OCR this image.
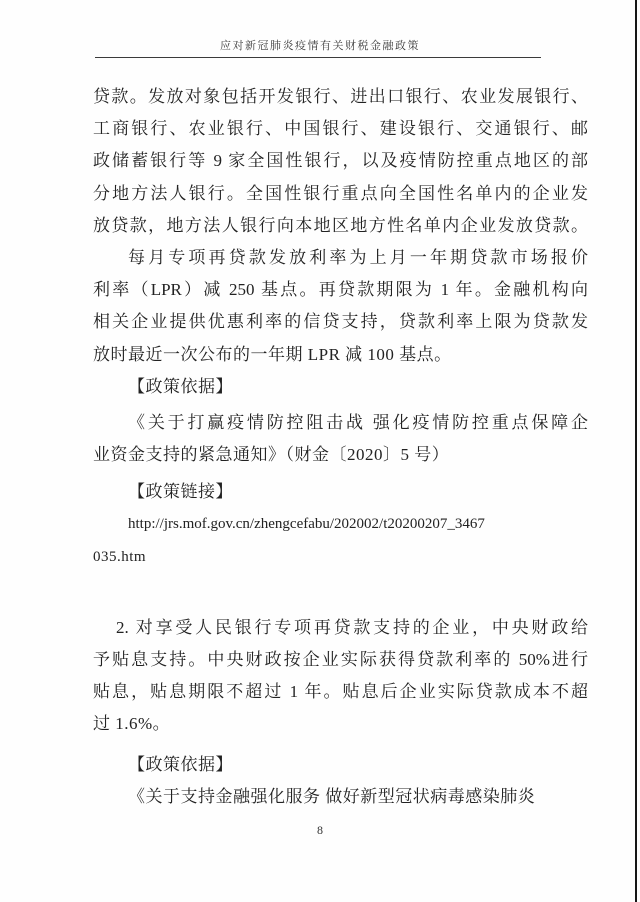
应对新冠肺炎疫情有关财税金融政策
贷款。发放对象包括开发银行、进出口银行、农业发展银行、
工商银行、农业银行、中国银行、建设银行、交通银行、邮
政储蓄银行等 9 家全国性银行，以及疫情防控重点地区的部
分地方法人银行。全国性银行重点向全国性名单内的企业发
放贷款，地方法人银行向本地区地方性名单内企业发放贷款。
每月专项再贷款发放利率为上月一年期贷款市场报价
利率（LPR）减 250 基点。再贷款期限为 1 年。金融机构向
相关企业提供优惠利率的信贷支持，贷款利率上限为贷款发
放时最近一次公布的一年期 LPR 减 100 基点。
【政策依据】
《关于打赢疫情防控阻击战 强化疫情防控重点保障企
业资金支持的紧急通知》（财金〔2020〕5 号）
【政策链接】
http://jrs.mof.gov.cn/zhengcefabu/202002/t20200207_3467
035.htm
2. 对享受人民银行专项再贷款支持的企业，中央财政给
予贴息支持。中央财政按企业实际获得贷款利率的 50%进行
贴息，贴息期限不超过 1 年。贴息后企业实际贷款成本不超
过 1.6%。
【政策依据】
《关于支持金融强化服务 做好新型冠状病毒感染肺炎
8
